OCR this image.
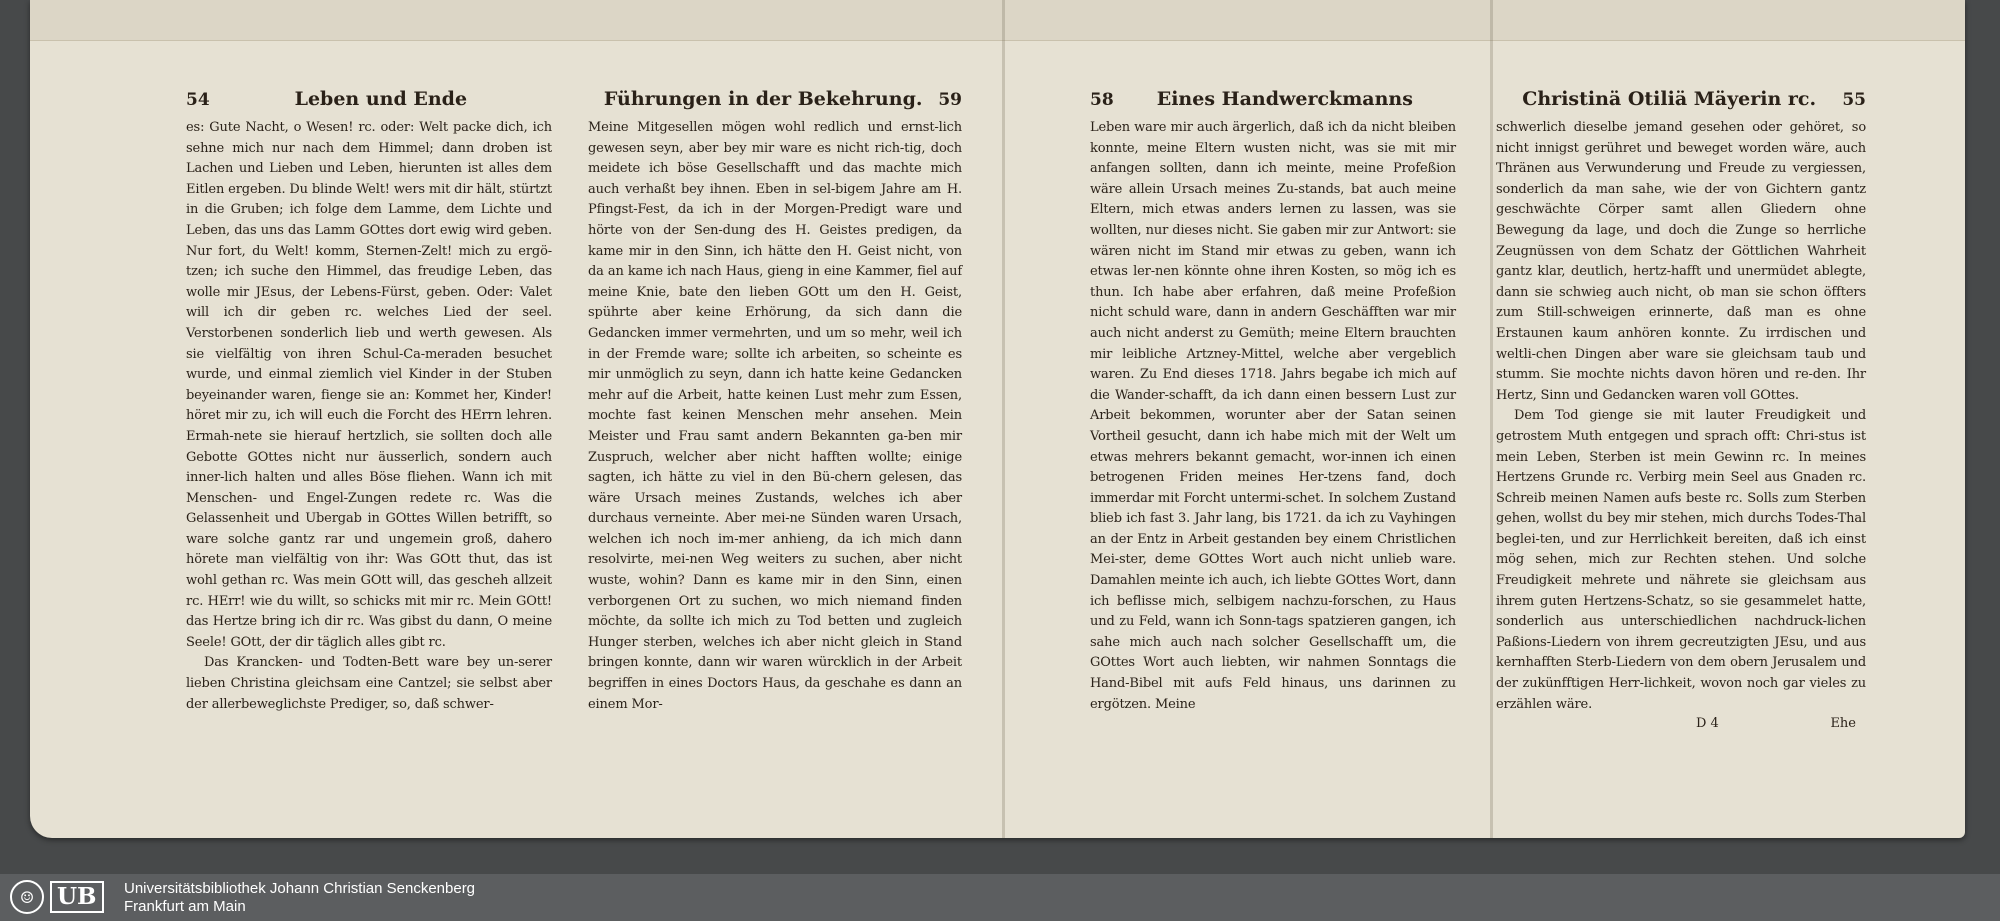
54	Leben und Ende

es: Gute Nacht, o Wesen! rc. oder: Welt packe dich, ich sehne mich nur nach dem Himmel; dann droben ist Lachen und Lieben und Leben, hierunten ist alles dem Eitlen ergeben. Du blinde Welt! wers mit dir hält, stürtzt in die Gruben; ich folge dem Lamme, dem Lichte und Leben, das uns das Lamm GOttes dort ewig wird geben. Nur fort, du Welt! komm, Sternen-Zelt! mich zu ergö-tzen; ich suche den Himmel, das freudige Leben, das wolle mir JEsus, der Lebens-Fürst, geben. Oder: Valet will ich dir geben rc. welches Lied der seel. Verstorbenen sonderlich lieb und werth gewesen. Als sie vielfältig von ihren Schul-Ca-meraden besuchet wurde, und einmal ziemlich viel Kinder in der Stuben beyeinander waren, fienge sie an: Kommet her, Kinder! höret mir zu, ich will euch die Forcht des HErrn lehren. Ermah-nete sie hierauf hertzlich, sie sollten doch alle Gebotte GOttes nicht nur äusserlich, sondern auch inner-lich halten und alles Böse fliehen. Wann ich mit Menschen- und Engel-Zungen redete rc. Was die Gelassenheit und Ubergab in GOttes Willen betrifft, so ware solche gantz rar und ungemein groß, dahero hörete man vielfältig von ihr: Was GOtt thut, das ist wohl gethan rc. Was mein GOtt will, das gescheh allzeit rc. HErr! wie du willt, so schicks mit mir rc. Mein GOtt! das Hertze bring ich dir rc. Was gibst du dann, O meine Seele! GOtt, der dir täglich alles gibt rc.

Das Krancken- und Todten-Bett ware bey un-serer lieben Christina gleichsam eine Cantzel; sie selbst aber der allerbeweglichste Prediger, so, daß schwer-

Führungen in der Bekehrung. 59

Meine Mitgesellen mögen wohl redlich und ernst-lich gewesen seyn, aber bey mir ware es nicht rich-tig, doch meidete ich böse Gesellschafft und das machte mich auch verhaßt bey ihnen. Eben in sel-bigem Jahre am H. Pfingst-Fest, da ich in der Morgen-Predigt ware und hörte von der Sen-dung des H. Geistes predigen, da kame mir in den Sinn, ich hätte den H. Geist nicht, von da an kame ich nach Haus, gieng in eine Kammer, fiel auf meine Knie, bate den lieben GOtt um den H. Geist, spührte aber keine Erhörung, da sich dann die Gedancken immer vermehrten, und um so mehr, weil ich in der Fremde ware; sollte ich arbeiten, so scheinte es mir unmöglich zu seyn, dann ich hatte keine Gedancken mehr auf die Arbeit, hatte keinen Lust mehr zum Essen, mochte fast keinen Menschen mehr ansehen. Mein Meister und Frau samt andern Bekannten ga-ben mir Zuspruch, welcher aber nicht hafften wollte; einige sagten, ich hätte zu viel in den Bü-chern gelesen, das wäre Ursach meines Zustands, welches ich aber durchaus verneinte. Aber mei-ne Sünden waren Ursach, welchen ich noch im-mer anhieng, da ich mich dann resolvirte, mei-nen Weg weiters zu suchen, aber nicht wuste, wohin? Dann es kame mir in den Sinn, einen verborgenen Ort zu suchen, wo mich niemand finden möchte, da sollte ich mich zu Tod betten und zugleich Hunger sterben, welches ich aber nicht gleich in Stand bringen konnte, dann wir waren würcklich in der Arbeit begriffen in eines Doctors Haus, da geschahe es dann an einem Mor-

58	Eines Handwerckmanns

Leben ware mir auch ärgerlich, daß ich da nicht bleiben konnte, meine Eltern wusten nicht, was sie mit mir anfangen sollten, dann ich meinte, meine Profeßion wäre allein Ursach meines Zu-stands, bat auch meine Eltern, mich etwas anders lernen zu lassen, was sie wollten, nur dieses nicht. Sie gaben mir zur Antwort: sie wären nicht im Stand mir etwas zu geben, wann ich etwas ler-nen könnte ohne ihren Kosten, so mög ich es thun. Ich habe aber erfahren, daß meine Profeßion nicht schuld ware, dann in andern Geschäfften war mir auch nicht anderst zu Gemüth; meine Eltern brauchten mir leibliche Artzney-Mittel, welche aber vergeblich waren. Zu End dieses 1718. Jahrs begabe ich mich auf die Wander-schafft, da ich dann einen bessern Lust zur Arbeit bekommen, worunter aber der Satan seinen Vortheil gesucht, dann ich habe mich mit der Welt um etwas mehrers bekannt gemacht, wor-innen ich einen betrogenen Friden meines Her-tzens fand, doch immerdar mit Forcht untermi-schet. In solchem Zustand blieb ich fast 3. Jahr lang, bis 1721. da ich zu Vayhingen an der Entz in Arbeit gestanden bey einem Christlichen Mei-ster, deme GOttes Wort auch nicht unlieb ware. Damahlen meinte ich auch, ich liebte GOttes Wort, dann ich beflisse mich, selbigem nachzu-forschen, zu Haus und zu Feld, wann ich Sonn-tags spatzieren gangen, ich sahe mich auch nach solcher Gesellschafft um, die GOttes Wort auch liebten, wir nahmen Sonntags die Hand-Bibel mit aufs Feld hinaus, uns darinnen zu ergötzen. Meine

Christinä Otiliä Mäyerin rc.	55

schwerlich dieselbe jemand gesehen oder gehöret, so nicht innigst gerühret und beweget worden wäre, auch Thränen aus Verwunderung und Freude zu vergiessen, sonderlich da man sahe, wie der von Gichtern gantz geschwächte Cörper samt allen Gliedern ohne Bewegung da lage, und doch die Zunge so herrliche Zeugnüssen von dem Schatz der Göttlichen Wahrheit gantz klar, deutlich, hertz-hafft und unermüdet ablegte, dann sie schwieg auch nicht, ob man sie schon öffters zum Still-schweigen erinnerte, daß man es ohne Erstaunen kaum anhören konnte. Zu irrdischen und weltli-chen Dingen aber ware sie gleichsam taub und stumm. Sie mochte nichts davon hören und re-den. Ihr Hertz, Sinn und Gedancken waren voll GOttes.

Dem Tod gienge sie mit lauter Freudigkeit und getrostem Muth entgegen und sprach offt: Chri-stus ist mein Leben, Sterben ist mein Gewinn rc. In meines Hertzens Grunde rc. Verbirg mein Seel aus Gnaden rc. Schreib meinen Namen aufs beste rc. Solls zum Sterben gehen, wollst du bey mir stehen, mich durchs Todes-Thal beglei-ten, und zur Herrlichkeit bereiten, daß ich einst mög sehen, mich zur Rechten stehen. Und solche Freudigkeit mehrete und nährete sie gleichsam aus ihrem guten Hertzens-Schatz, so sie gesammelet hatte, sonderlich aus unterschiedlichen nachdruck-lichen Paßions-Liedern von ihrem gecreutzigten JEsu, und aus kernhafften Sterb-Liedern von dem obern Jerusalem und der zukünfftigen Herr-lichkeit, wovon noch gar vieles zu erzählen wäre.

D 4	Ehe
☺ UB	Universitätsbibliothek Johann Christian Senckenberg
Frankfurt am Main
